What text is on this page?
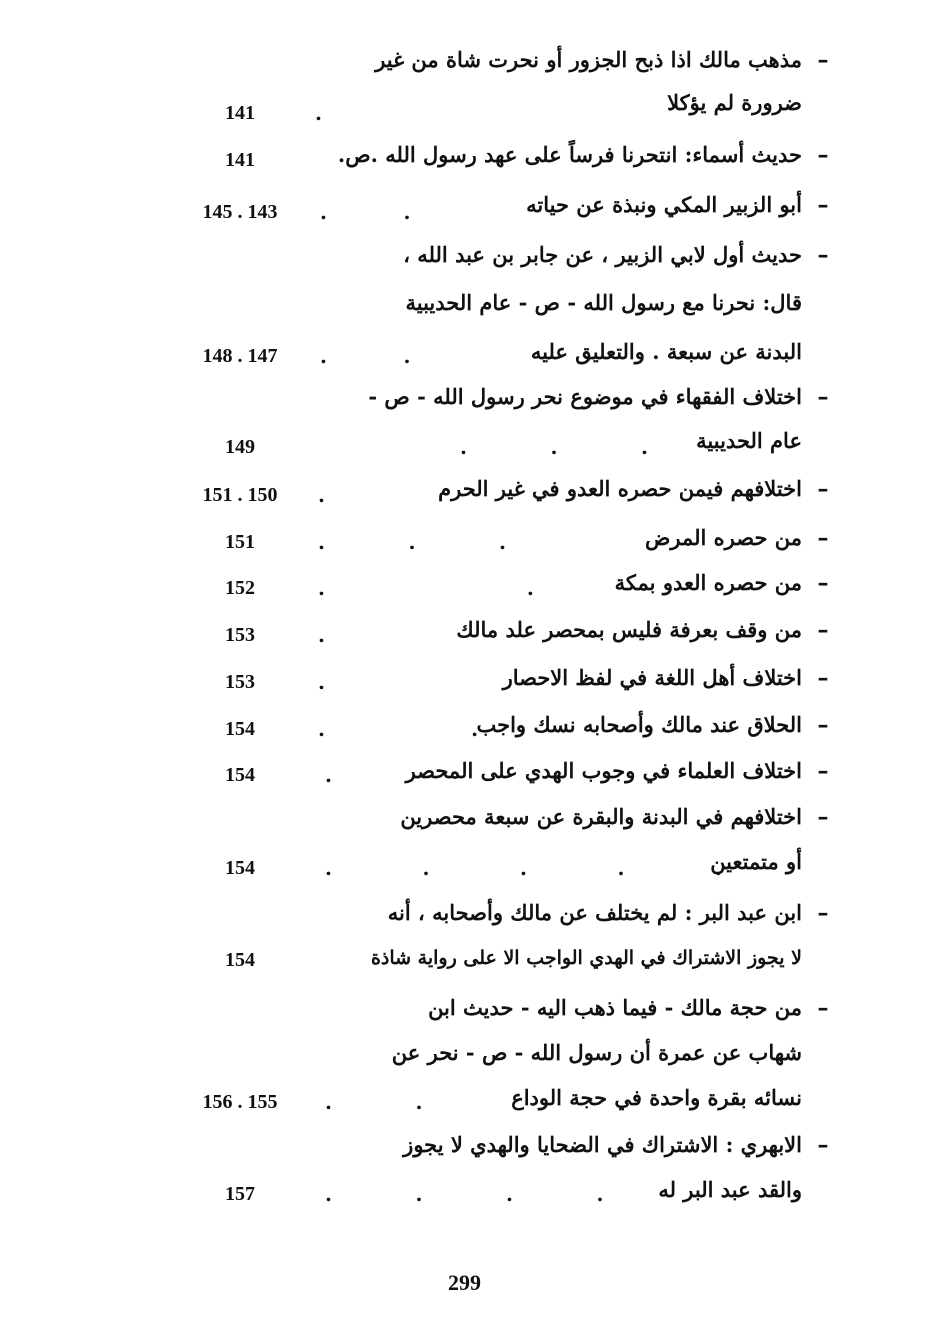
–
مذهب مالك اذا ذبح الجزور أو نحرت شاة من غير
ضرورة لم يؤكلا
.
141
–
حديث أسماء: انتحرنا فرساً على عهد رسول الله .ص.
141
–
أبو الزبير المكي ونبذة عن حياته
.           .
145 . 143
–
حديث أول لابي الزبير ، عن جابر بن عبد الله ،
قال: نحرنا مع رسول الله - ص - عام الحديبية
البدنة عن سبعة . والتعليق عليه
.           .
148 . 147
–
اختلاف الفقهاء في موضوع نحر رسول الله - ص -
عام الحديبية
.            .            .
149
–
اختلافهم فيمن حصره العدو في غير الحرم
.
151 . 150
–
من حصره المرض
.            .            .
151
–
من حصره العدو بمكة
.                             .
152
–
من وقف بعرفة فليس بمحصر علد مالك
.
153
–
اختلاف أهل اللغة في لفظ الاحصار
.
153
–
الحلاق عند مالك وأصحابه نسك واجب
.                     .
154
–
اختلاف العلماء في وجوب الهدي على المحصر
.
154
–
اختلافهم في البدنة والبقرة عن سبعة محصرين
أو متمتعين
.             .             .             .             .
154
–
ابن عبد البر : لم يختلف عن مالك وأصحابه ، أنه
لا يجوز الاشتراك في الهدي الواجب الا على رواية شاذة
154
–
من حجة مالك - فيما ذهب اليه - حديث ابن
شهاب عن عمرة أن رسول الله - ص - نحر عن
نسائه بقرة واحدة في حجة الوداع
.            .
156 . 155
–
الابهري : الاشتراك في الضحايا والهدي لا يجوز
والقد عبد البر له
.            .            .            .
157
299
